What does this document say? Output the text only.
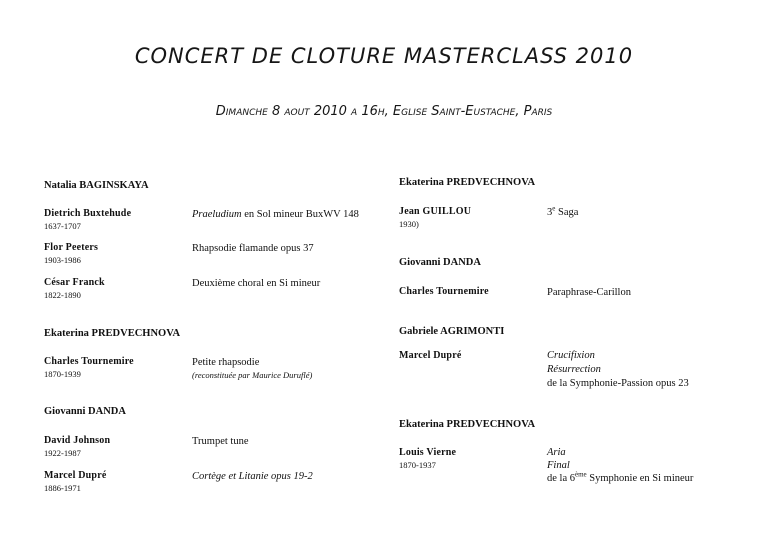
CONCERT DE CLOTURE MASTERCLASS 2010
Dimanche 8 aout 2010 a 16h, Eglise Saint-Eustache, Paris
Natalia BAGINSKAYA
Dietrich Buxtehude
1637-1707
Praeludium en Sol mineur BuxWV 148
Flor Peeters
1903-1986
Rhapsodie flamande opus 37
César Franck
1822-1890
Deuxième choral en Si mineur
Ekaterina PREDVECHNOVA
Charles Tournemire
1870-1939
Petite rhapsodie
(reconstituée par Maurice Duruflé)
Giovanni DANDA
David Johnson
1922-1987
Trumpet tune
Marcel Dupré
1886-1971
Cortège et Litanie opus 19-2
Ekaterina PREDVECHNOVA
Jean GUILLOU
1930)
3e Saga
Giovanni DANDA
Charles Tournemire	Paraphrase-Carillon
Gabriele AGRIMONTI
Marcel Dupré	Crucifixion
Résurrection
de la Symphonie-Passion opus 23
Ekaterina PREDVECHNOVA
Louis Vierne
1870-1937
Aria
Final
de la 6ème Symphonie en Si mineur
